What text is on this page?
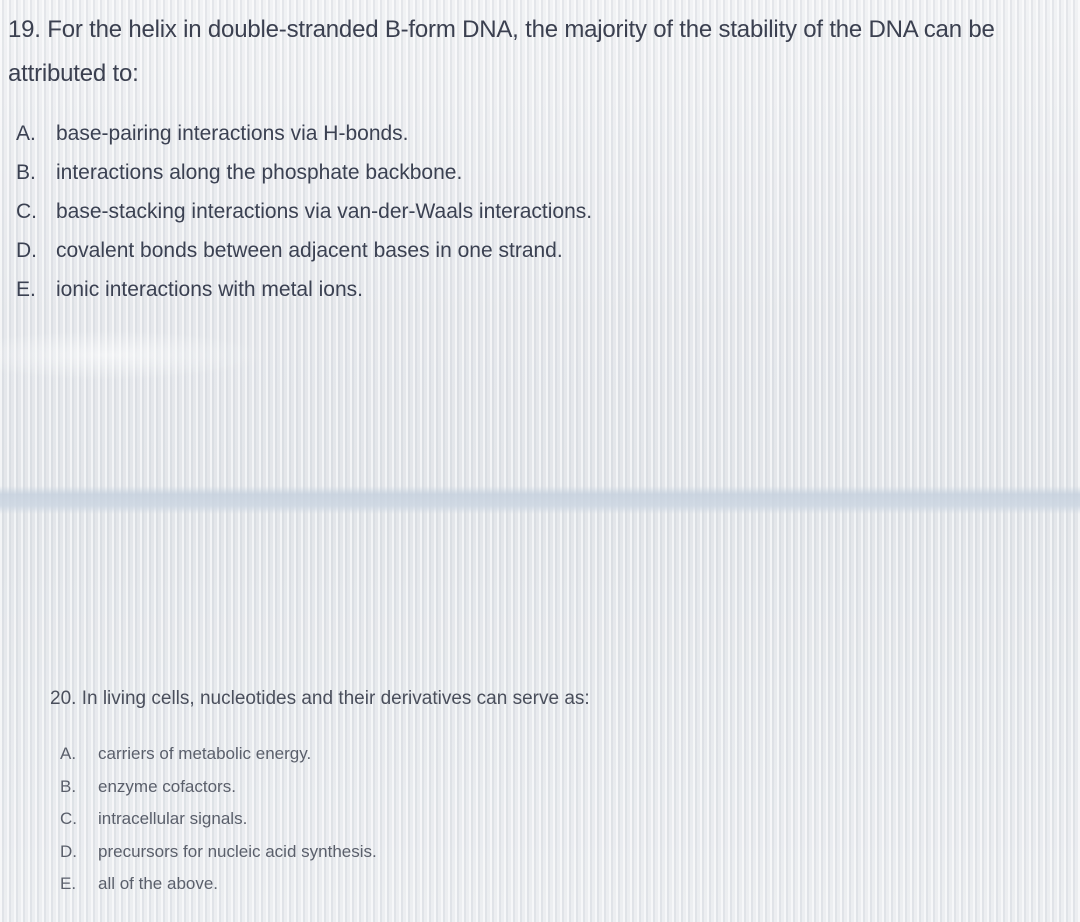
19. For the helix in double-stranded B-form DNA, the majority of the stability of the DNA can be attributed to:
A. base-pairing interactions via H-bonds.
B. interactions along the phosphate backbone.
C. base-stacking interactions via van-der-Waals interactions.
D. covalent bonds between adjacent bases in one strand.
E. ionic interactions with metal ions.
20. In living cells, nucleotides and their derivatives can serve as:
A. carriers of metabolic energy.
B. enzyme cofactors.
C. intracellular signals.
D. precursors for nucleic acid synthesis.
E. all of the above.
